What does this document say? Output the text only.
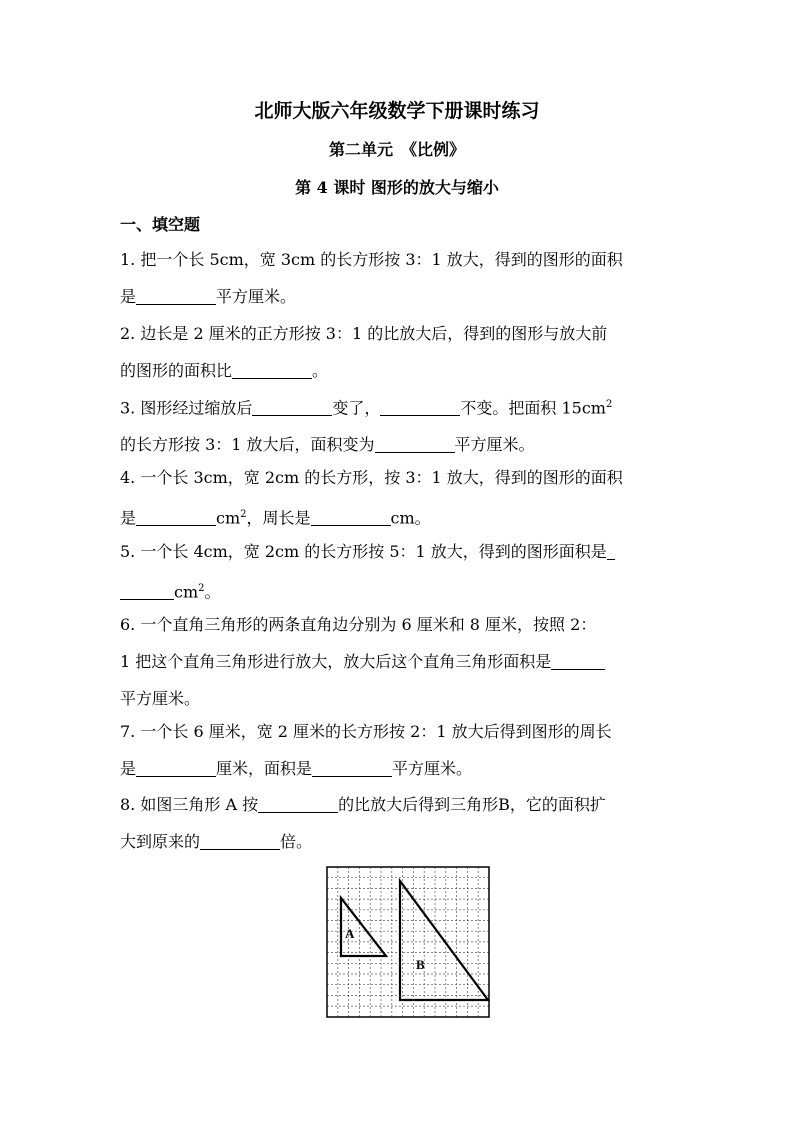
北师大版六年级数学下册课时练习
第二单元　《比例》
第 4 课时 图形的放大与缩小
一、填空题
1. 把一个长 5cm，宽 3cm 的长方形按 3：1 放大，得到的图形的面积
是	平方厘米。
2. 边长是 2 厘米的正方形按 3：1 的比放大后，得到的图形与放大前
的图形的面积比	。
3. 图形经过缩放后	变了，	不变。把面积 $15cm^2$
的长方形按 3：1 放大后，面积变为	平方厘米。
4. 一个长 3cm，宽 2cm 的长方形，按 3：1 放大，得到的图形的面积
是	$cm^2$，周长是	cm。
5. 一个长 4cm，宽 2cm 的长方形按 5：1 放大，得到的图形面积是
$cm^2$。
6. 一个直角三角形的两条直角边分别为 6 厘米和 8 厘米，按照 2：
1 把这个直角三角形进行放大，放大后这个直角三角形面积是
平方厘米。
7. 一个长 6 厘米，宽 2 厘米的长方形按 2：1 放大后得到图形的周长
是	厘米，面积是	平方厘米。
8. 如图三角形 A 按	的比放大后得到三角形B，它的面积扩
大到原来的	倍。
A
B
